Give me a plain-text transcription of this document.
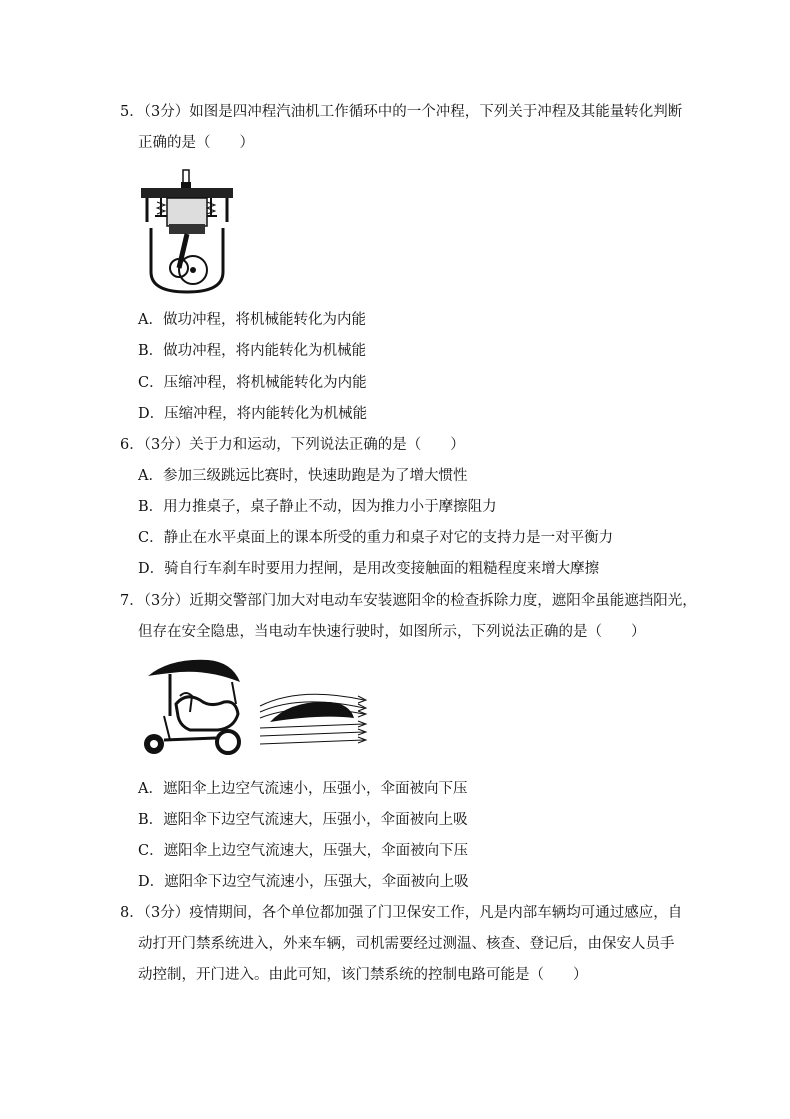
5．（3分）如图是四冲程汽油机工作循环中的一个冲程，下列关于冲程及其能量转化判断
正确的是（　　）
A．做功冲程，将机械能转化为内能
B．做功冲程，将内能转化为机械能
C．压缩冲程，将机械能转化为内能
D．压缩冲程，将内能转化为机械能
6．（3分）关于力和运动，下列说法正确的是（　　）
A．参加三级跳远比赛时，快速助跑是为了增大惯性
B．用力推桌子，桌子静止不动，因为推力小于摩擦阻力
C．静止在水平桌面上的课本所受的重力和桌子对它的支持力是一对平衡力
D．骑自行车刹车时要用力捏闸，是用改变接触面的粗糙程度来增大摩擦
7．（3分）近期交警部门加大对电动车安装遮阳伞的检查拆除力度，遮阳伞虽能遮挡阳光，
但存在安全隐患，当电动车快速行驶时，如图所示，下列说法正确的是（　　）
A．遮阳伞上边空气流速小，压强小，伞面被向下压
B．遮阳伞下边空气流速大，压强小，伞面被向上吸
C．遮阳伞上边空气流速大，压强大，伞面被向下压
D．遮阳伞下边空气流速小，压强大，伞面被向上吸
8．（3分）疫情期间，各个单位都加强了门卫保安工作，凡是内部车辆均可通过感应，自
动打开门禁系统进入，外来车辆，司机需要经过测温、核查、登记后，由保安人员手
动控制，开门进入。由此可知，该门禁系统的控制电路可能是（　　）
